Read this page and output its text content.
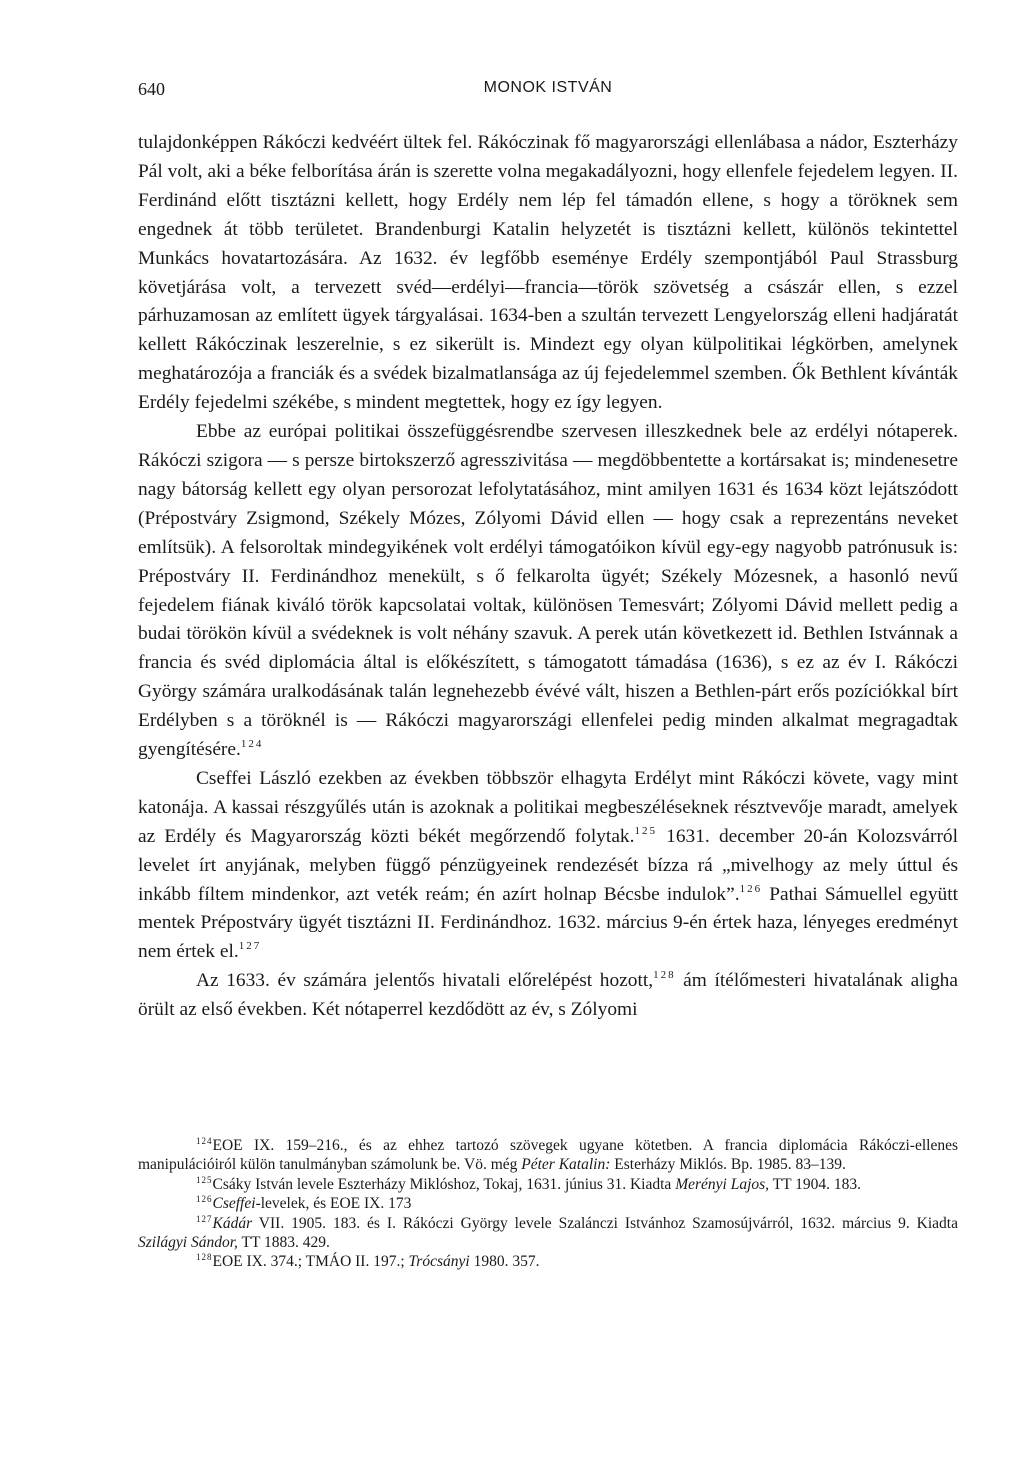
640	MONOK ISTVÁN

tulajdonképpen Rákóczi kedvéért ültek fel. Rákóczinak fő magyarországi ellenlábasa a nádor, Eszterházy Pál volt, aki a béke felborítása árán is szerette volna megakadályozni, hogy ellenfele fejedelem legyen. II. Ferdinánd előtt tisztázni kellett, hogy Erdély nem lép fel támadón ellene, s hogy a töröknek sem engednek át több területet. Brandenburgi Katalin helyzetét is tisztázni kellett, különös tekintettel Munkács hovatartozására. Az 1632. év legfőbb eseménye Erdély szempontjából Paul Strassburg követjárása volt, a tervezett svéd—erdélyi—francia—török szövetség a császár ellen, s ezzel párhuzamosan az említett ügyek tárgyalásai. 1634-ben a szultán tervezett Lengyelország elleni hadjáratát kellett Rákóczinak leszerelnie, s ez sikerült is. Mindezt egy olyan külpolitikai légkörben, amelynek meghatározója a franciák és a svédek bizalmatlansága az új fejedelemmel szemben. Ők Bethlent kívánták Erdély fejedelmi székébe, s mindent megtettek, hogy ez így legyen.

Ebbe az európai politikai összefüggésrendbe szervesen illeszkednek bele az erdélyi nótaperek. Rákóczi szigora — s persze birtokszerző agresszivitása — megdöbbentette a kortársakat is; mindenesetre nagy bátorság kellett egy olyan persorozat lefolytatásához, mint amilyen 1631 és 1634 közt lejátszódott (Prépostváry Zsigmond, Székely Mózes, Zólyomi Dávid ellen — hogy csak a reprezentáns neveket említsük). A felsoroltak mindegyikének volt erdélyi támogatóikon kívül egy-egy nagyobb patrónusuk is: Prépostváry II. Ferdinándhoz menekült, s ő felkarolta ügyét; Székely Mózesnek, a hasonló nevű fejedelem fiának kiváló török kapcsolatai voltak, különösen Temesvárt; Zólyomi Dávid mellett pedig a budai törökön kívül a svédeknek is volt néhány szavuk. A perek után következett id. Bethlen Istvánnak a francia és svéd diplomácia által is előkészített, s támogatott támadása (1636), s ez az év I. Rákóczi György számára uralkodásának talán legnehezebb évévé vált, hiszen a Bethlen-párt erős pozíciókkal bírt Erdélyben s a töröknél is — Rákóczi magyarországi ellenfelei pedig minden alkalmat megragadtak gyengítésére.$^{124}$

Cseffei László ezekben az években többször elhagyta Erdélyt mint Rákóczi követe, vagy mint katonája. A kassai részgyűlés után is azoknak a politikai megbeszéléseknek résztvevője maradt, amelyek az Erdély és Magyarország közti békét megőrzendő folytak.$^{125}$ 1631. december 20-án Kolozsvárról levelet írt anyjának, melyben függő pénzügyeinek rendezését bízza rá „mivelhogy az mely úttul és inkább fíltem mindenkor, azt veték reám; én azírt holnap Bécsbe indulok”.$^{126}$ Pathai Sámuellel együtt mentek Prépostváry ügyét tisztázni II. Ferdinándhoz. 1632. március 9-én értek haza, lényeges eredményt nem értek el.$^{127}$

Az 1633. év számára jelentős hivatali előrelépést hozott,$^{128}$ ám ítélőmesteri hivatalának aligha örült az első években. Két nótaperrel kezdődött az év, s Zólyomi

$^{124}$EOE IX. 159–216., és az ehhez tartozó szövegek ugyane kötetben. A francia diplomácia Rákóczi-ellenes manipulációiról külön tanulmányban számolunk be. Vö. még Péter Katalin: Esterházy Miklós. Bp. 1985. 83–139.

$^{125}$Csáky István levele Eszterházy Miklóshoz, Tokaj, 1631. június 31. Kiadta Merényi Lajos, TT 1904. 183.

$^{126}$Cseffei-levelek, és EOE IX. 173

$^{127}$Kádár VII. 1905. 183. és I. Rákóczi György levele Szalánczi Istvánhoz Szamosújvárról, 1632. március 9. Kiadta Szilágyi Sándor, TT 1883. 429.

$^{128}$EOE IX. 374.; TMÁO II. 197.; Trócsányi 1980. 357.
